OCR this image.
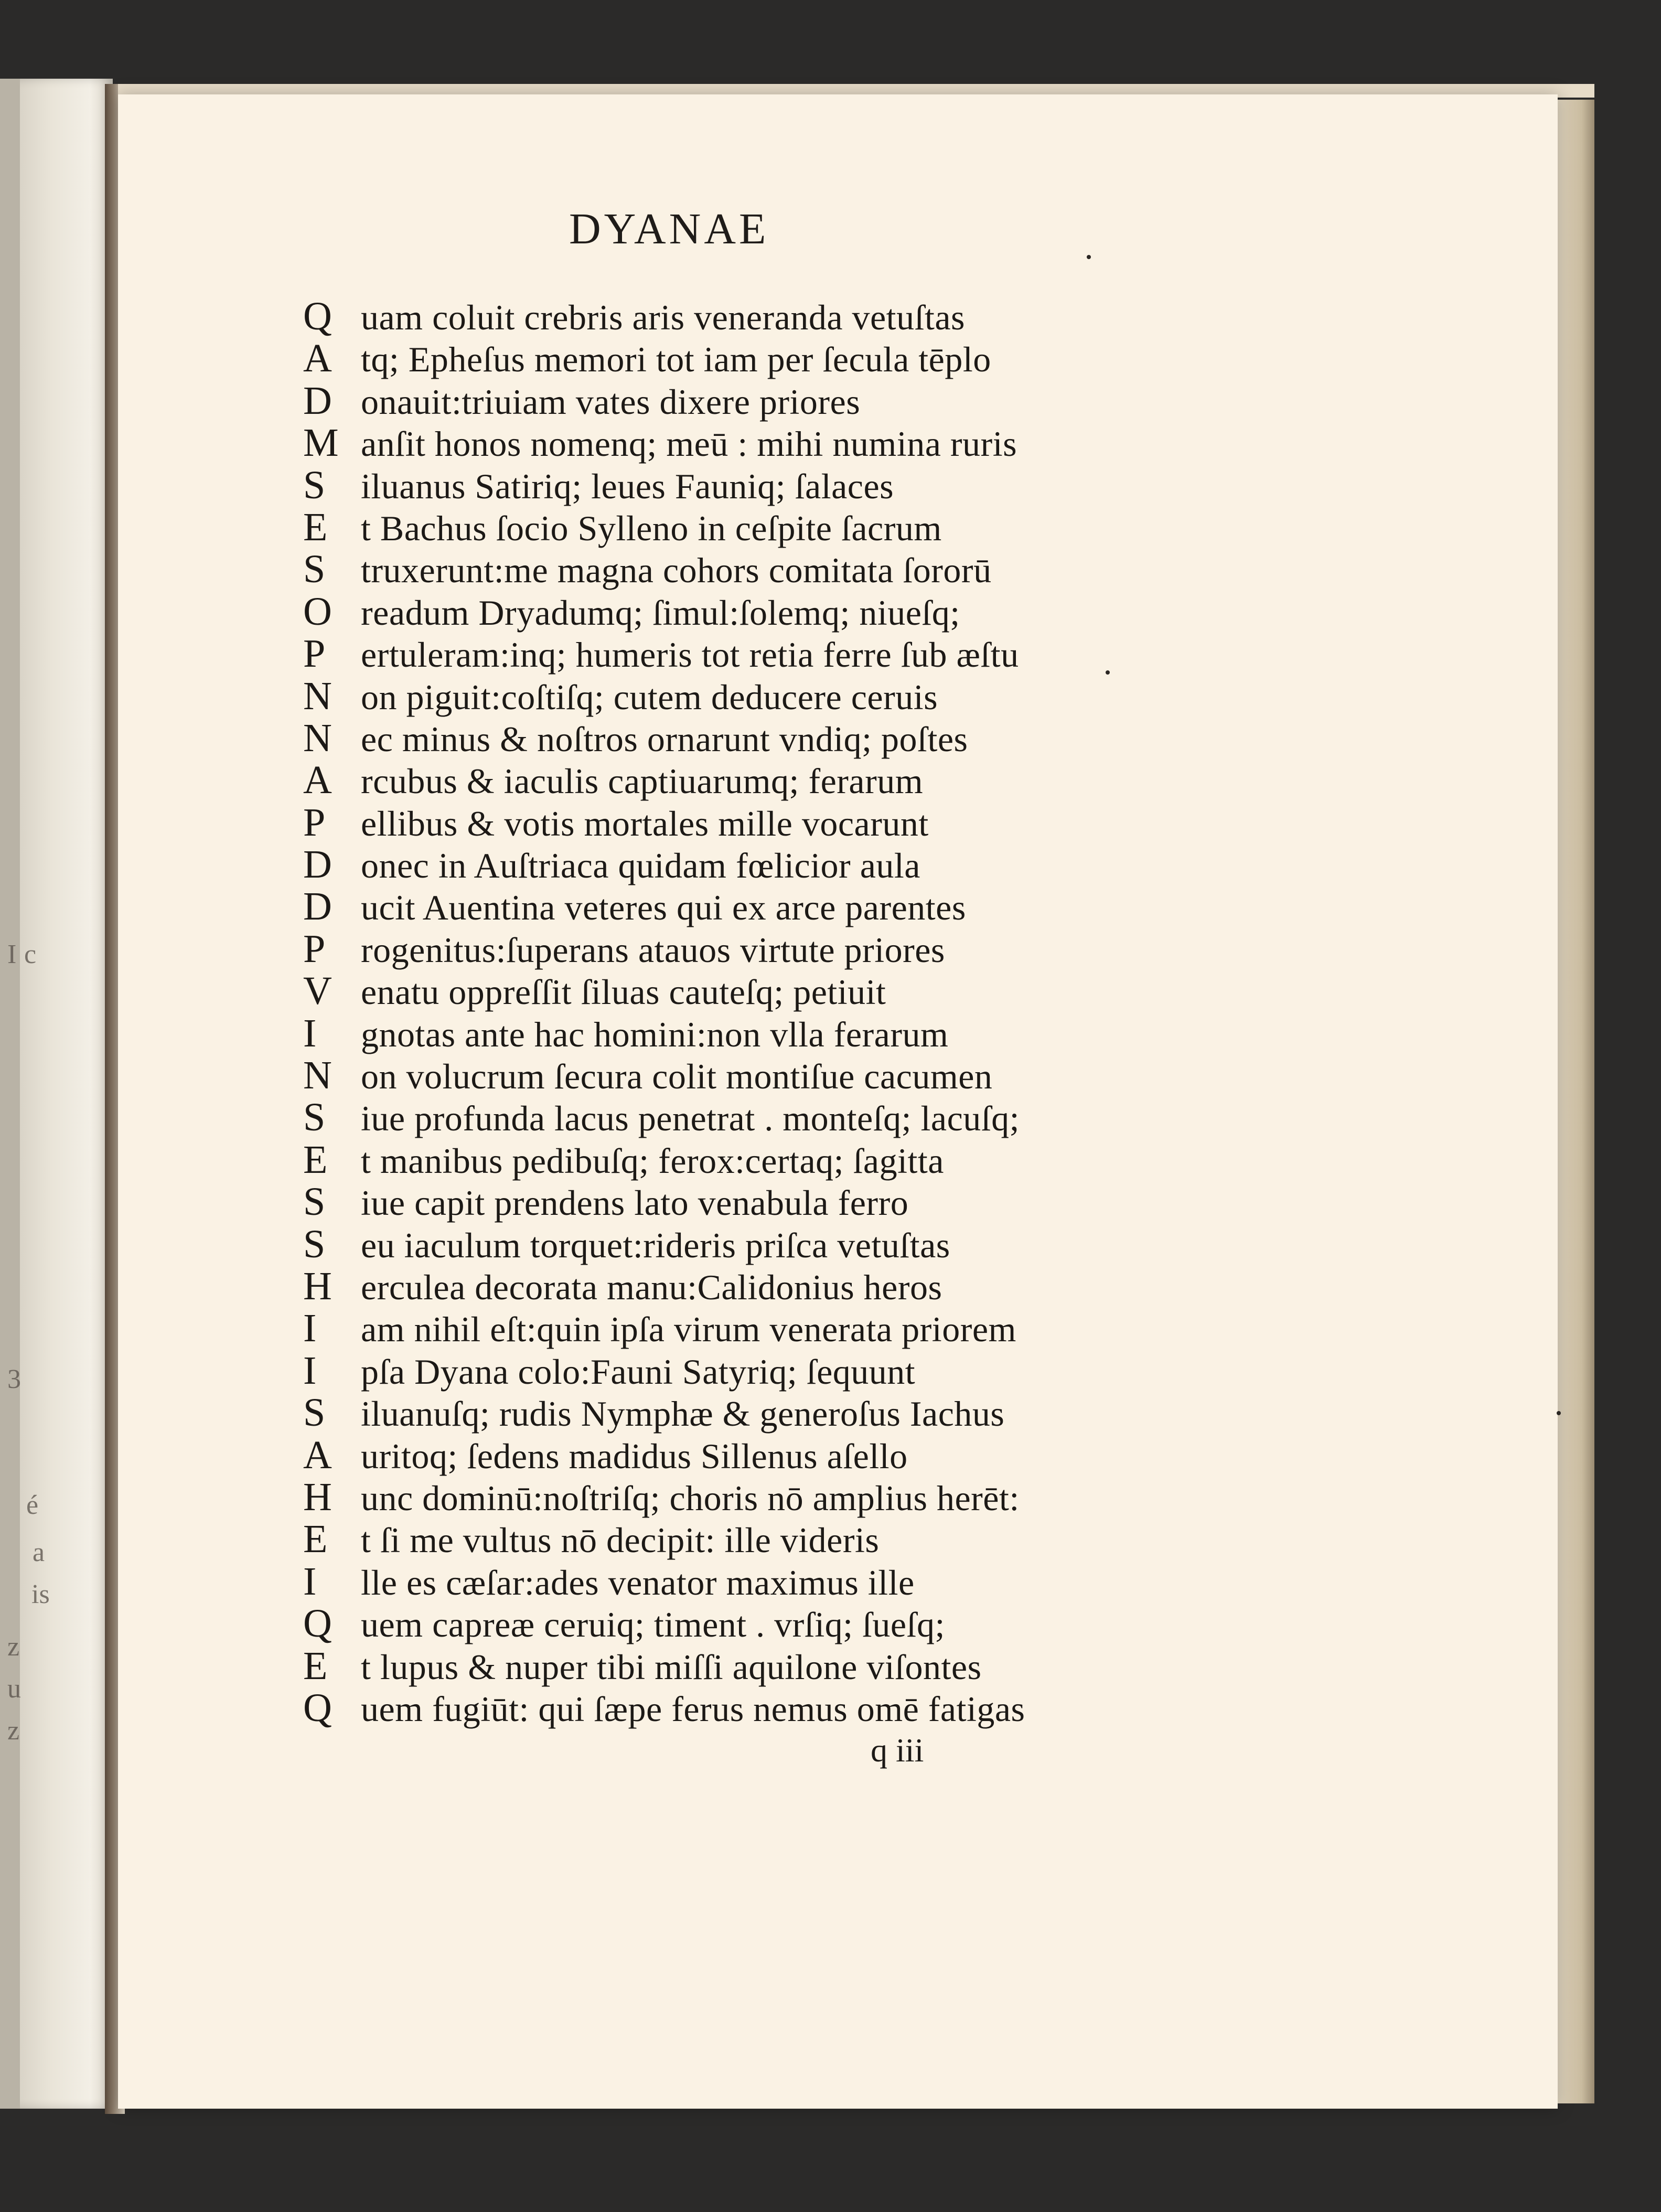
I c
3
é
a
is
z
u
z
DYANAE
Q uam coluit crebris aris veneranda vetuſtas
A tq; Epheſus memori tot iam per ſecula tēplo
D onauit:triuiam vates dixere priores
M anſit honos nomenq; meū : mihi numina ruris
S iluanus Satiriq; leues Fauniq; ſalaces
E t Bachus ſocio Sylleno in ceſpite ſacrum
S truxerunt:me magna cohors comitata ſororū
O readum Dryadumq; ſimul:ſolemq; niueſq;
P ertuleram:inq; humeris tot retia ferre ſub æſtu
N on piguit:coſtiſq; cutem deducere ceruis
N ec minus & noſtros ornarunt vndiq; poſtes
A rcubus & iaculis captiuarumq; ferarum
P ellibus & votis mortales mille vocarunt
D onec in Auſtriaca quidam fœlicior aula
D ucit Auentina veteres qui ex arce parentes
P rogenitus:ſuperans atauos virtute priores
V enatu oppreſſit ſiluas cauteſq; petiuit
I	gnotas ante hac homini:non vlla ferarum
N on volucrum ſecura colit montiſue cacumen
S iue profunda lacus penetrat . monteſq; lacuſq;
E t manibus pedibuſq; ferox:certaq; ſagitta
S iue capit prendens lato venabula ferro
S eu iaculum torquet:rideris priſca vetuſtas
H erculea decorata manu:Calidonius heros
I	am nihil eſt:quin ipſa virum venerata priorem
I	pſa Dyana colo:Fauni Satyriq; ſequunt
S iluanuſq; rudis Nymphæ & generoſus Iachus
A uritoq; ſedens madidus Sillenus aſello
H unc dominū:noſtriſq; choris nō amplius herēt:
E t ſi me vultus nō decipit: ille videris
I	lle es cæſar:ades venator maximus ille
Q uem capreæ ceruiq; timent . vrſiq; ſueſq;
E t lupus & nuper tibi miſſi aquilone viſontes
Q uem fugiūt: qui ſæpe ferus nemus omē fatigas
q iii
